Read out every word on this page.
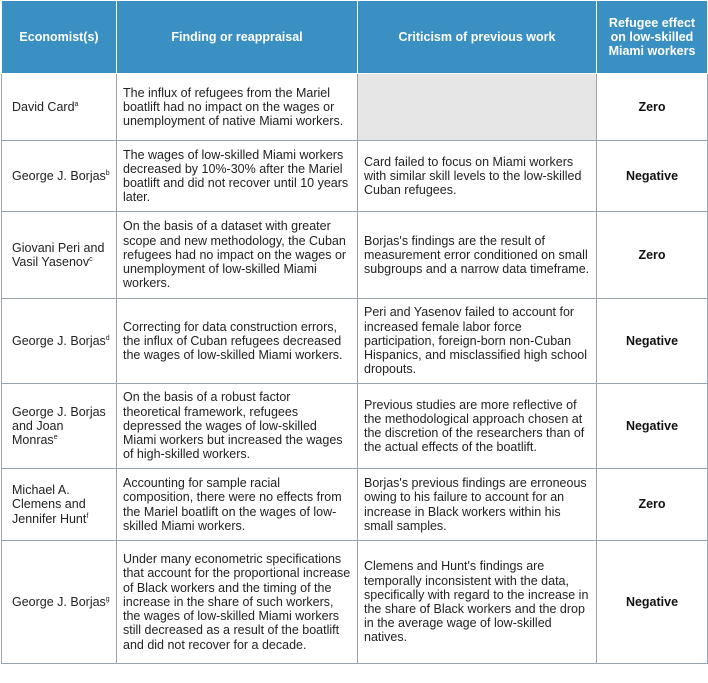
Economist(s)	Finding or reappraisal	Criticism of previous work	Refugee effect on low-skilled Miami workers
David Card$^a$	The influx of refugees from the Mariel boatlift had no impact on the wages or unemployment of native Miami workers.		Zero
George J. Borjas$^b$	The wages of low-skilled Miami workers decreased by 10%-30% after the Mariel boatlift and did not recover until 10 years later.	Card failed to focus on Miami workers with similar skill levels to the low-skilled Cuban refugees.	Negative
Giovani Peri and Vasil Yasenov$^c$	On the basis of a dataset with greater scope and new methodology, the Cuban refugees had no impact on the wages or unemployment of low-skilled Miami workers.	Borjas's findings are the result of measurement error conditioned on small subgroups and a narrow data timeframe.	Zero
George J. Borjas$^d$	Correcting for data construction errors, the influx of Cuban refugees decreased the wages of low-skilled Miami workers.	Peri and Yasenov failed to account for increased female labor force participation, foreign-born non-Cuban Hispanics, and misclassified high school dropouts.	Negative
George J. Borjas and Joan Monras$^e$	On the basis of a robust factor theoretical framework, refugees depressed the wages of low-skilled Miami workers but increased the wages of high-skilled workers.	Previous studies are more reflective of the methodological approach chosen at the discretion of the researchers than of the actual effects of the boatlift.	Negative
Michael A. Clemens and Jennifer Hunt$^f$	Accounting for sample racial composition, there were no effects from the Mariel boatlift on the wages of low-skilled Miami workers.	Borjas's previous findings are erroneous owing to his failure to account for an increase in Black workers within his small samples.	Zero
George J. Borjas$^g$	Under many econometric specifications that account for the proportional increase of Black workers and the timing of the increase in the share of such workers, the wages of low-skilled Miami workers still decreased as a result of the boatlift and did not recover for a decade.	Clemens and Hunt's findings are temporally inconsistent with the data, specifically with regard to the increase in the share of Black workers and the drop in the average wage of low-skilled natives.	Negative
